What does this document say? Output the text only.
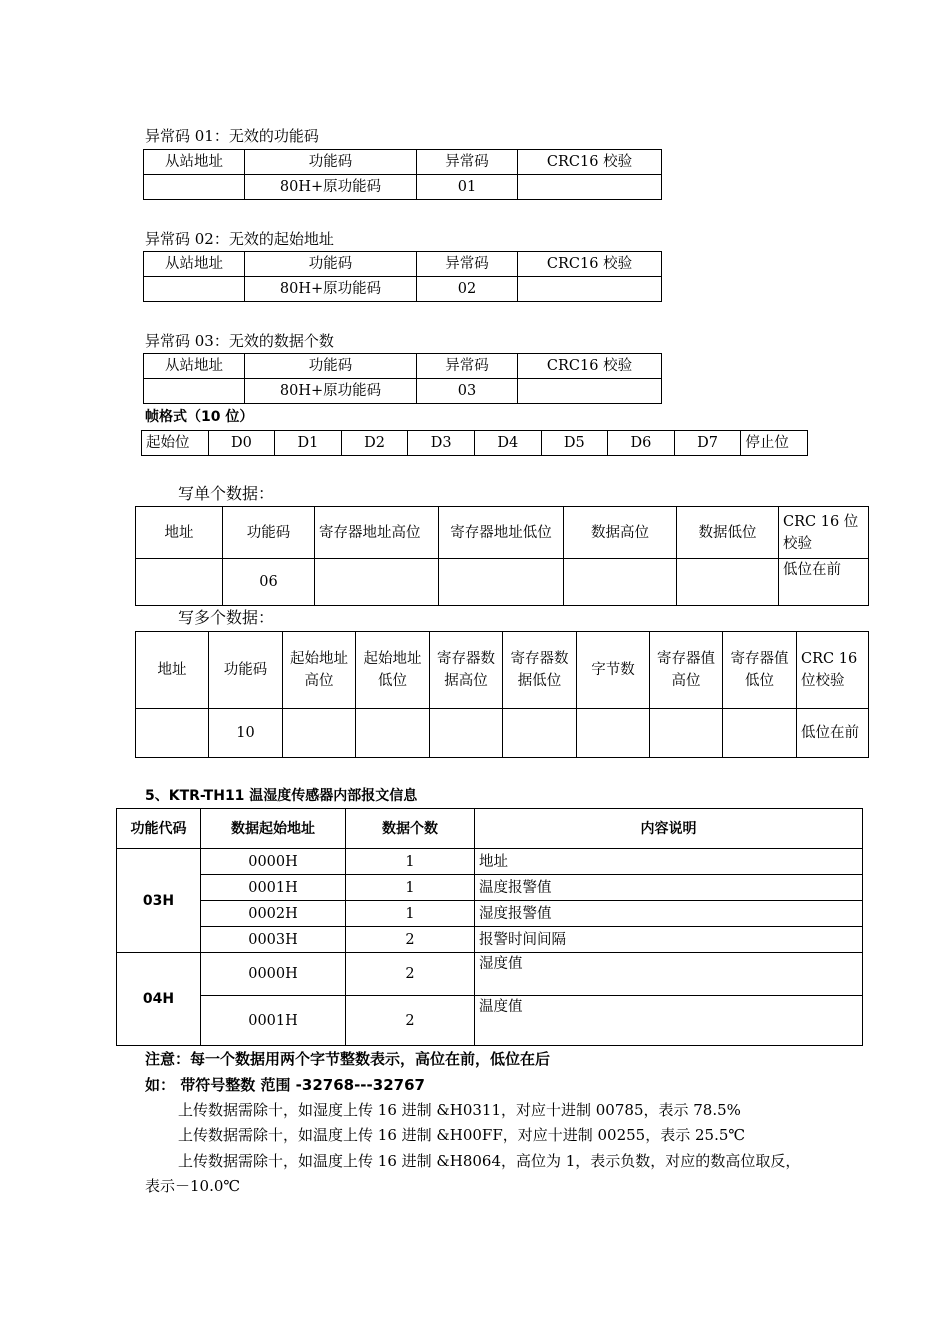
异常码 01：无效的功能码
从站地址	功能码	异常码	CRC16 校验
	80H+原功能码	01	
异常码 02：无效的起始地址
从站地址	功能码	异常码	CRC16 校验
	80H+原功能码	02	
异常码 03：无效的数据个数
从站地址	功能码	异常码	CRC16 校验
	80H+原功能码	03	
帧格式（10 位）
起始位	D0	D1	D2	D3	D4	D5	D6	D7	停止位
写单个数据：
地址	功能码	寄存器地址高位	寄存器地址低位	数据高位	数据低位	CRC 16 位校验
	06					低位在前
写多个数据：
地址	功能码	起始地址高位	起始地址低位	寄存器数据高位	寄存器数据低位	字节数	寄存器值高位	寄存器值低位	CRC 16 位校验
	10								低位在前
5、KTR-TH11 温湿度传感器内部报文信息
功能代码	数据起始地址	数据个数	内容说明
03H	0000H	1	地址
	0001H	1	温度报警值
	0002H	1	湿度报警值
	0003H	2	报警时间间隔
04H	0000H	2	湿度值
	0001H	2	温度值
注意：每一个数据用两个字节整数表示，高位在前，低位在后
如： 带符号整数 范围 -32768---32767
上传数据需除十，如湿度上传 16 进制 &H0311，对应十进制 00785，表示 78.5%
上传数据需除十，如温度上传 16 进制 &H00FF，对应十进制 00255，表示 25.5℃
上传数据需除十，如温度上传 16 进制 &H8064，高位为 1，表示负数，对应的数高位取反，
表示－10.0℃
